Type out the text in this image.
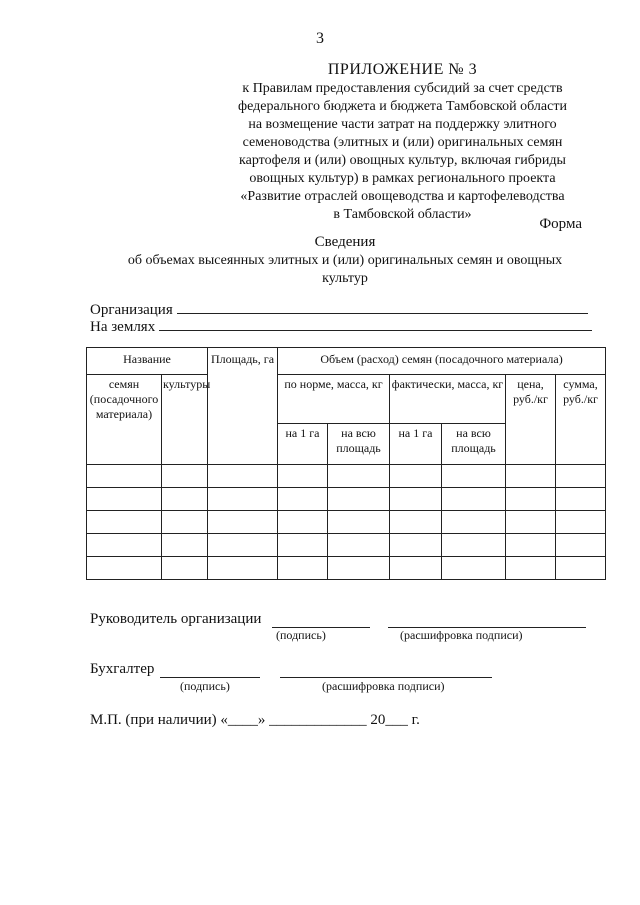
3
ПРИЛОЖЕНИЕ № 3
к Правилам предоставления субсидий за счет средств
федерального бюджета и бюджета Тамбовской области
на возмещение части затрат на поддержку элитного
семеноводства (элитных и (или) оригинальных семян
картофеля и (или) овощных культур, включая гибриды
овощных культур) в рамках регионального проекта
«Развитие отраслей овощеводства и картофелеводства
в Тамбовской области»
Форма
Сведения
об объемах высеянных элитных и (или) оригинальных семян и овощных
культур
Организация
На землях
Название		Площадь, га	Объем (расход) семян (посадочного материала)					
семян (посадочного материала)	культуры		по норме, масса, кг		фактически, масса, кг		цена, руб./кг	сумма, руб./кг
			на 1 га	на всю площадь	на 1 га	на всю площадь		

Руководитель организации
(подпись)	(расшифровка подписи)
Бухгалтер
(подпись)	(расшифровка подписи)
М.П. (при наличии) «____» _____________ 20___ г.
